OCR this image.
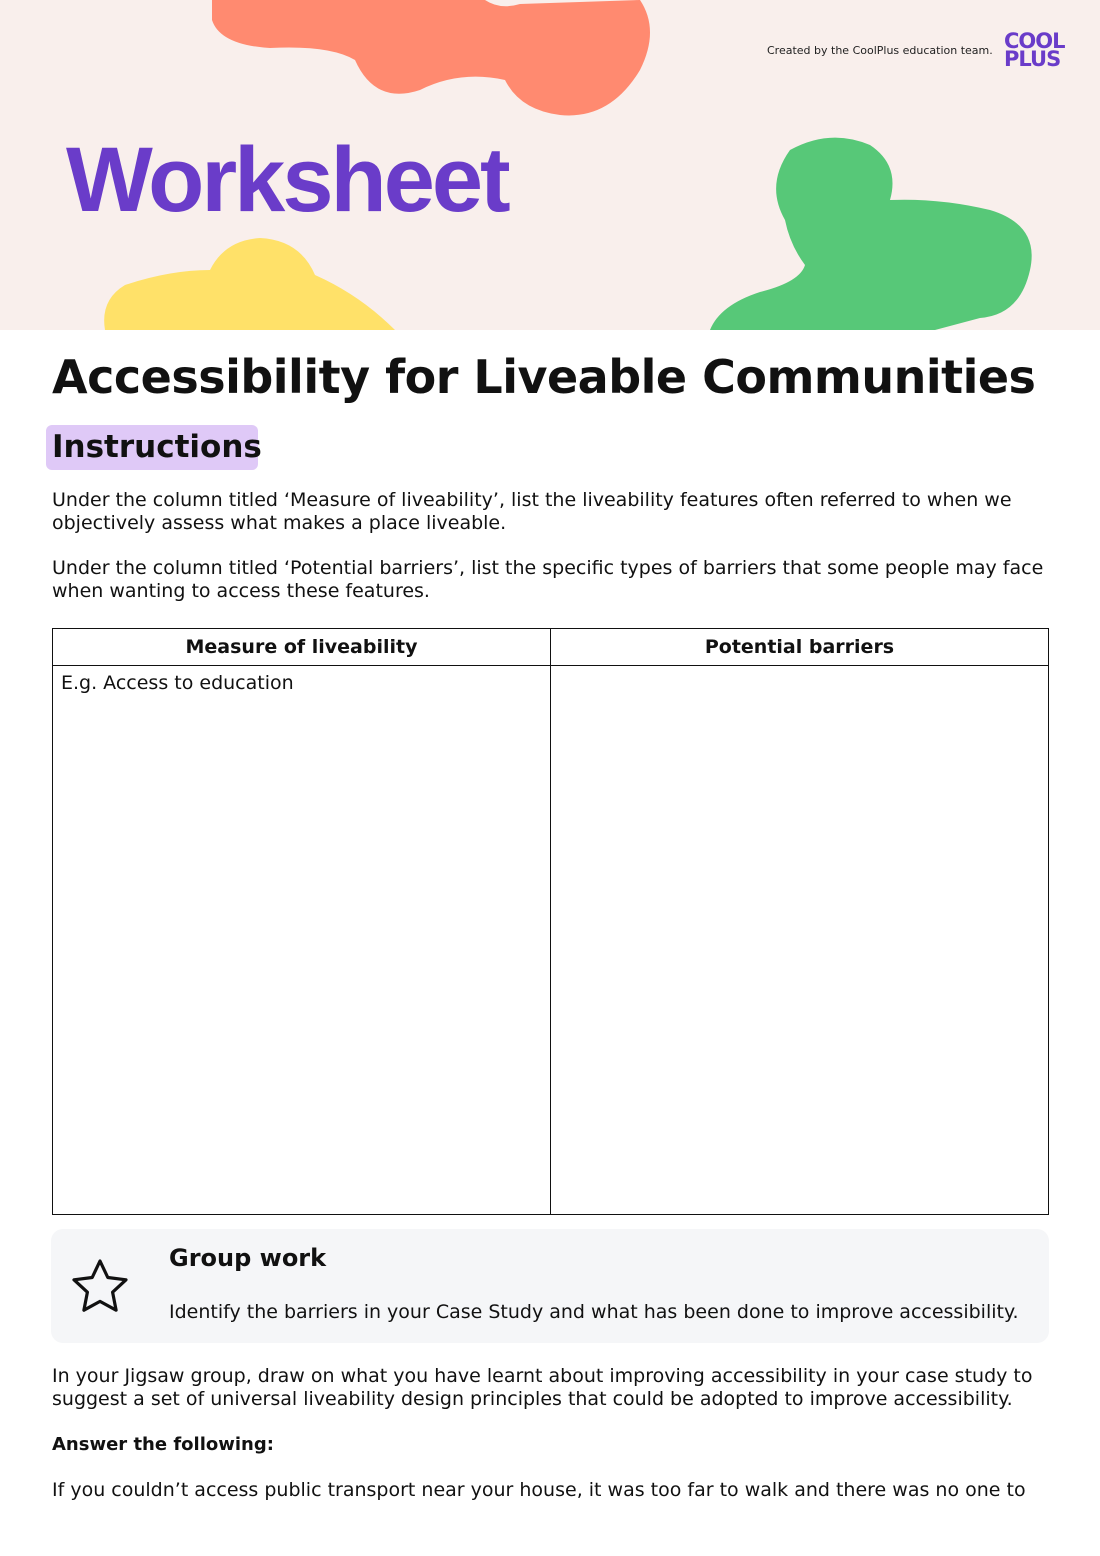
Created by the CoolPlus education team. COOL
PLUS
Worksheet
Accessibility for Liveable Communities
Instructions
Under the column titled ‘Measure of liveability’, list the liveability features often referred to when we objectively assess what makes a place liveable.
Under the column titled ‘Potential barriers’, list the specific types of barriers that some people may face when wanting to access these features.
Measure of liveability	Potential barriers
E.g. Access to education	
Group work
Identify the barriers in your Case Study and what has been done to improve accessibility.
In your Jigsaw group, draw on what you have learnt about improving accessibility in your case study to suggest a set of universal liveability design principles that could be adopted to improve accessibility.
Answer the following:
If you couldn’t access public transport near your house, it was too far to walk and there was no one to
